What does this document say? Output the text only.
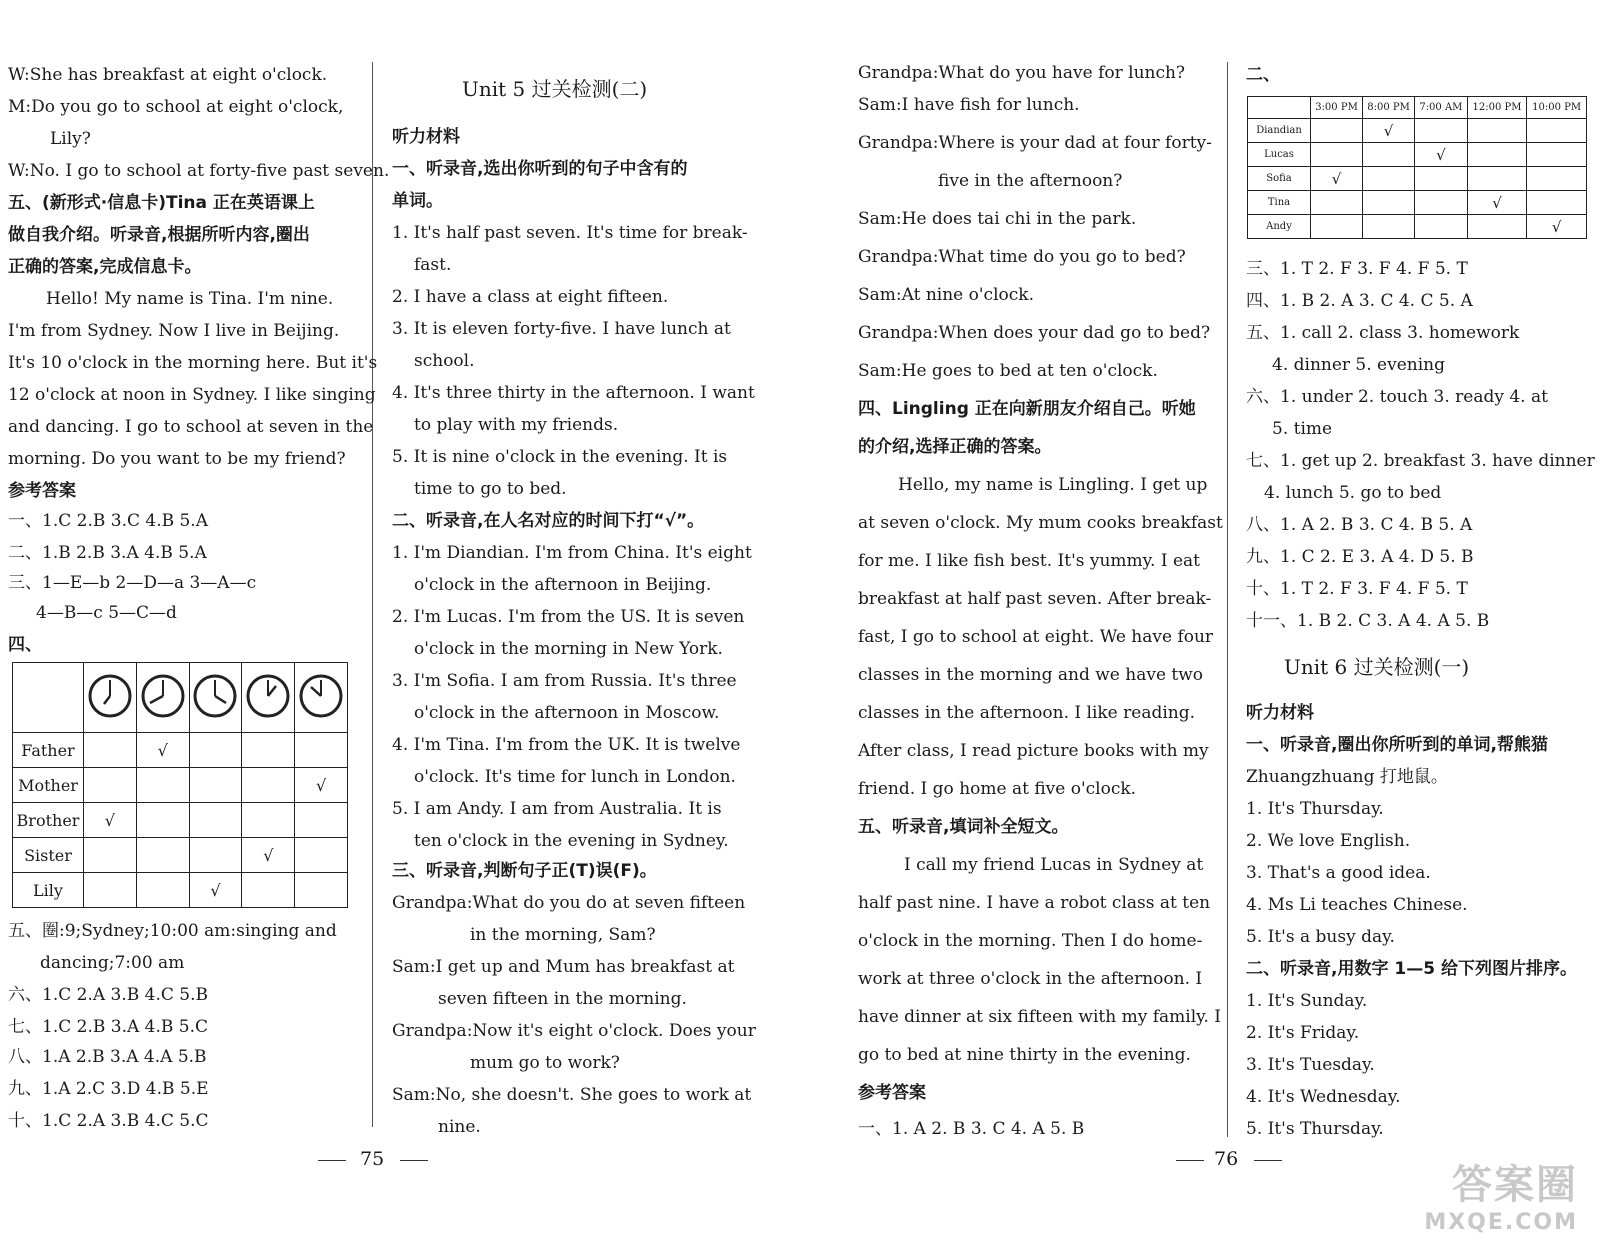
W:She has breakfast at eight o'clock.
M:Do you go to school at eight o'clock,
Lily?
W:No. I go to school at forty-five past seven.
五、(新形式·信息卡)Tina 正在英语课上
做自我介绍。听录音,根据所听内容,圈出
正确的答案,完成信息卡。
Hello! My name is Tina. I'm nine.
I'm from Sydney. Now I live in Beijing.
It's 10 o'clock in the morning here. But it's
12 o'clock at noon in Sydney. I like singing
and dancing. I go to school at seven in the
morning. Do you want to be my friend?
参考答案
一、1.C 2.B 3.C 4.B 5.A
二、1.B 2.B 3.A 4.B 5.A
三、1—E—b 2—D—a 3—A—c
4—B—c 5—C—d
四、

Father		√			
Mother					√
Brother	√				
Sister				√	
Lily			√		
五、圈:9;Sydney;10:00 am:singing and
dancing;7:00 am
六、1.C 2.A 3.B 4.C 5.B
七、1.C 2.B 3.A 4.B 5.C
八、1.A 2.B 3.A 4.A 5.B
九、1.A 2.C 3.D 4.B 5.E
十、1.C 2.A 3.B 4.C 5.C
Unit 5 过关检测(二)
听力材料
一、听录音,选出你听到的句子中含有的
单词。
1. It's half past seven. It's time for break-
fast.
2. I have a class at eight fifteen.
3. It is eleven forty-five. I have lunch at
school.
4. It's three thirty in the afternoon. I want
to play with my friends.
5. It is nine o'clock in the evening. It is
time to go to bed.
二、听录音,在人名对应的时间下打“√”。
1. I'm Diandian. I'm from China. It's eight
o'clock in the afternoon in Beijing.
2. I'm Lucas. I'm from the US. It is seven
o'clock in the morning in New York.
3. I'm Sofia. I am from Russia. It's three
o'clock in the afternoon in Moscow.
4. I'm Tina. I'm from the UK. It is twelve
o'clock. It's time for lunch in London.
5. I am Andy. I am from Australia. It is
ten o'clock in the evening in Sydney.
三、听录音,判断句子正(T)误(F)。
Grandpa:What do you do at seven fifteen
in the morning, Sam?
Sam:I get up and Mum has breakfast at
seven fifteen in the morning.
Grandpa:Now it's eight o'clock. Does your
mum go to work?
Sam:No, she doesn't. She goes to work at
nine.
75
Grandpa:What do you have for lunch?
Sam:I have fish for lunch.
Grandpa:Where is your dad at four forty-
five in the afternoon?
Sam:He does tai chi in the park.
Grandpa:What time do you go to bed?
Sam:At nine o'clock.
Grandpa:When does your dad go to bed?
Sam:He goes to bed at ten o'clock.
四、Lingling 正在向新朋友介绍自己。听她
的介绍,选择正确的答案。
Hello, my name is Lingling. I get up
at seven o'clock. My mum cooks breakfast
for me. I like fish best. It's yummy. I eat
breakfast at half past seven. After break-
fast, I go to school at eight. We have four
classes in the morning and we have two
classes in the afternoon. I like reading.
After class, I read picture books with my
friend. I go home at five o'clock.
五、听录音,填词补全短文。
I call my friend Lucas in Sydney at
half past nine. I have a robot class at ten
o'clock in the morning. Then I do home-
work at three o'clock in the afternoon. I
have dinner at six fifteen with my family. I
go to bed at nine thirty in the evening.
参考答案
一、1. A 2. B 3. C 4. A 5. B
76
二、
	3:00 PM	8:00 PM	7:00 AM	12:00 PM	10:00 PM
Diandian		√			
Lucas			√		
Sofia	√				
Tina				√	
Andy					√
三、1. T 2. F 3. F 4. F 5. T
四、1. B 2. A 3. C 4. C 5. A
五、1. call 2. class 3. homework
4. dinner 5. evening
六、1. under 2. touch 3. ready 4. at
5. time
七、1. get up 2. breakfast 3. have dinner
4. lunch 5. go to bed
八、1. A 2. B 3. C 4. B 5. A
九、1. C 2. E 3. A 4. D 5. B
十、1. T 2. F 3. F 4. F 5. T
十一、1. B 2. C 3. A 4. A 5. B
Unit 6 过关检测(一)
听力材料
一、听录音,圈出你所听到的单词,帮熊猫
Zhuangzhuang 打地鼠。
1. It's Thursday.
2. We love English.
3. That's a good idea.
4. Ms Li teaches Chinese.
5. It's a busy day.
二、听录音,用数字 1—5 给下列图片排序。
1. It's Sunday.
2. It's Friday.
3. It's Tuesday.
4. It's Wednesday.
5. It's Thursday.
答案圈
MXQE.COM
